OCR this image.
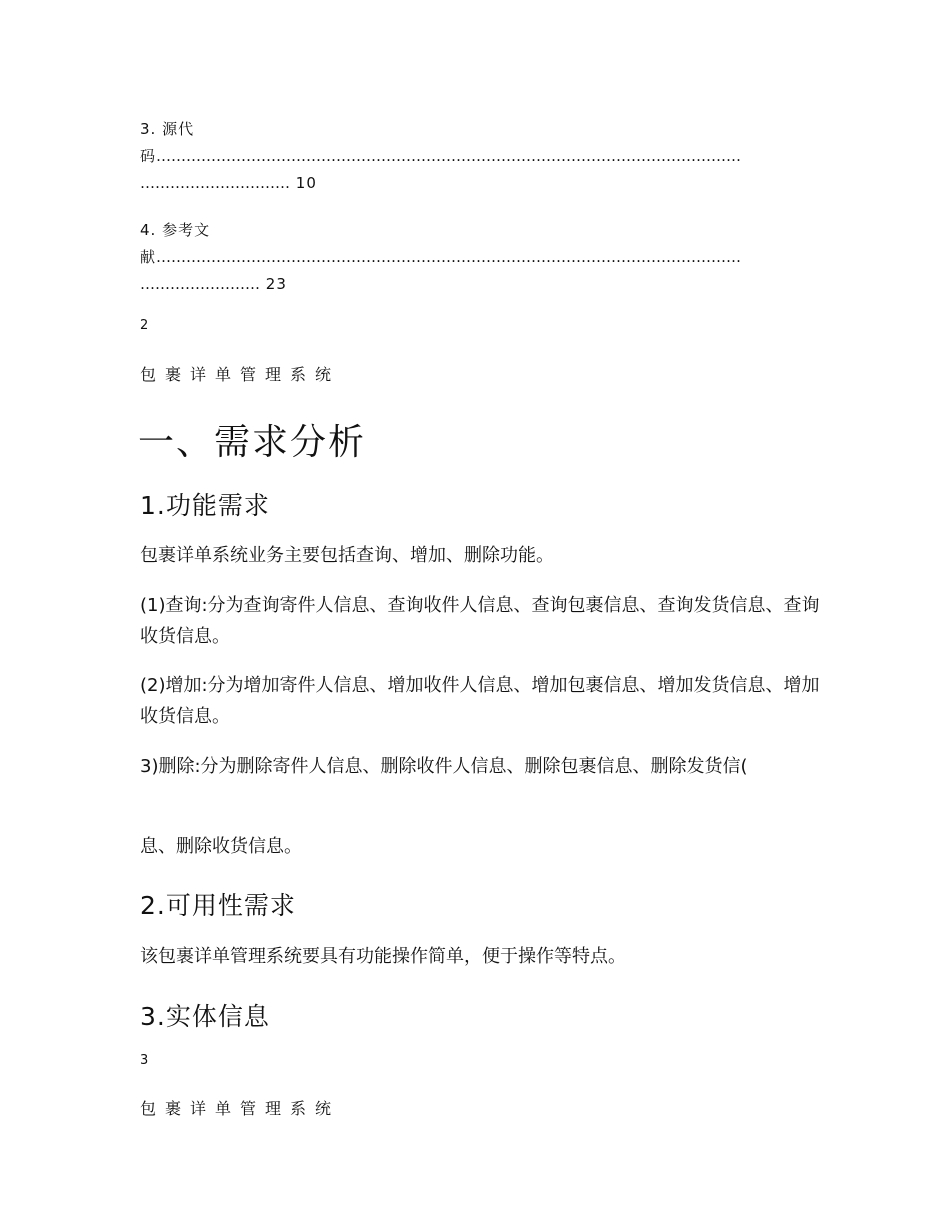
3. 源代
码………………………………………………………………………………………………………
………………………… 10
4. 参考文
献………………………………………………………………………………………………………
…………………… 23
2
包裹详单管理系统
一、需求分析
1.功能需求

包裹详单系统业务主要包括查询、增加、删除功能。

(1)查询:分为查询寄件人信息、查询收件人信息、查询包裹信息、查询发货信息、查询收货信息。

(2)增加:分为增加寄件人信息、增加收件人信息、增加包裹信息、增加发货信息、增加收货信息。

3)删除:分为删除寄件人信息、删除收件人信息、删除包裹信息、删除发货信(

息、删除收货信息。

2.可用性需求

该包裹详单管理系统要具有功能操作简单，便于操作等特点。

3.实体信息
3
包裹详单管理系统
